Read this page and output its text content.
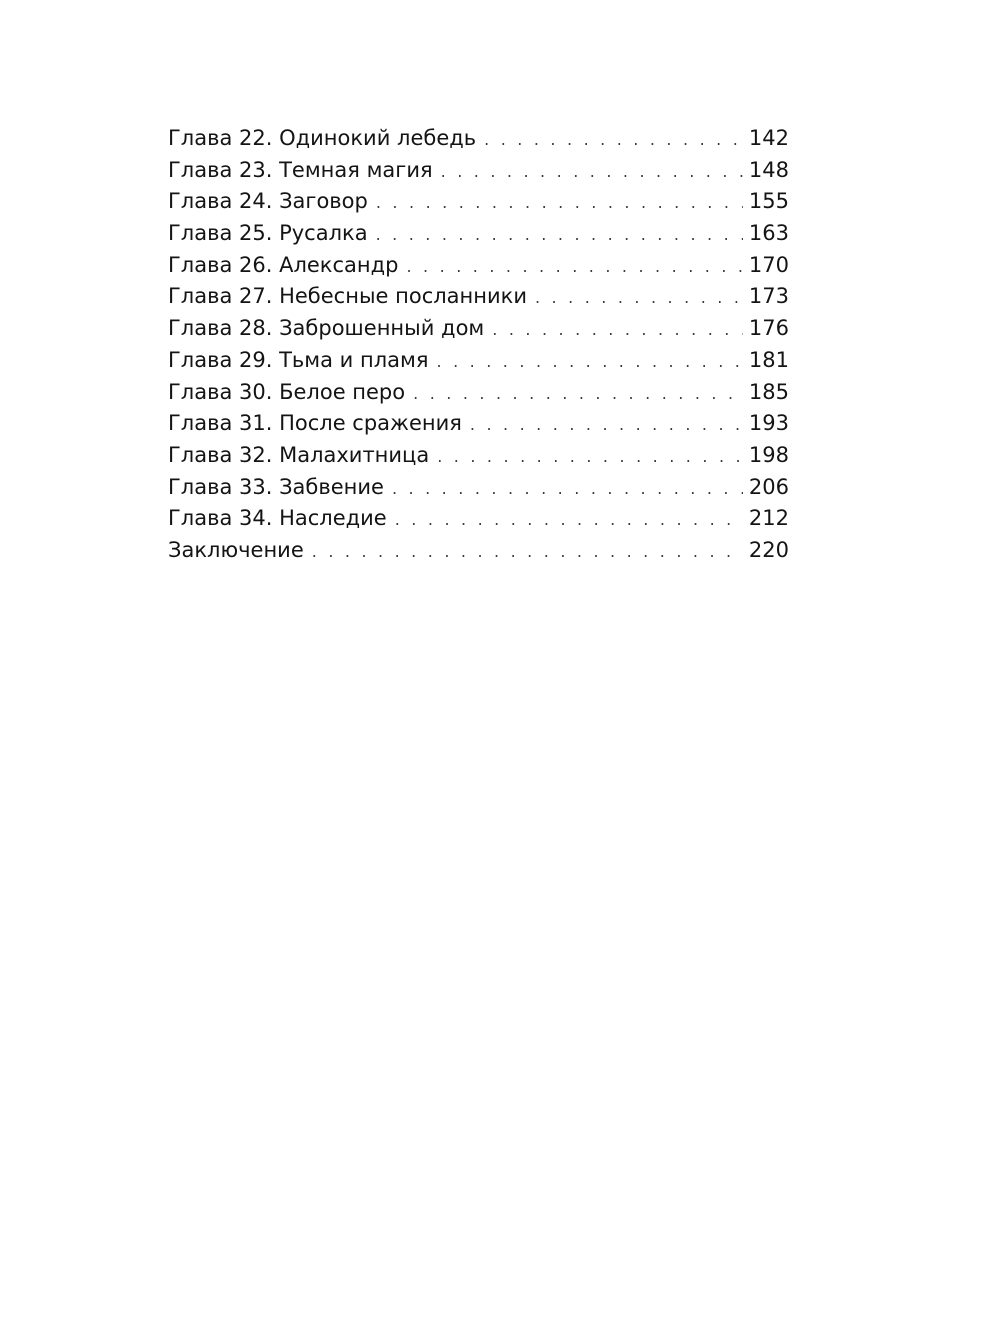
Глава 22. Одинокий лебедь . . .	142
Глава 23. Темная магия . . .	148
Глава 24. Заговор . . .	155
Глава 25. Русалка . . .	163
Глава 26. Александр . . .	170
Глава 27. Небесные посланники . . .	173
Глава 28. Заброшенный дом . . .	176
Глава 29. Тьма и пламя . . .	181
Глава 30. Белое перо . . .	185
Глава 31. После сражения . . .	193
Глава 32. Малахитница . . .	198
Глава 33. Забвение . . .	206
Глава 34. Наследие . . .	212
Заключение . . .	220
